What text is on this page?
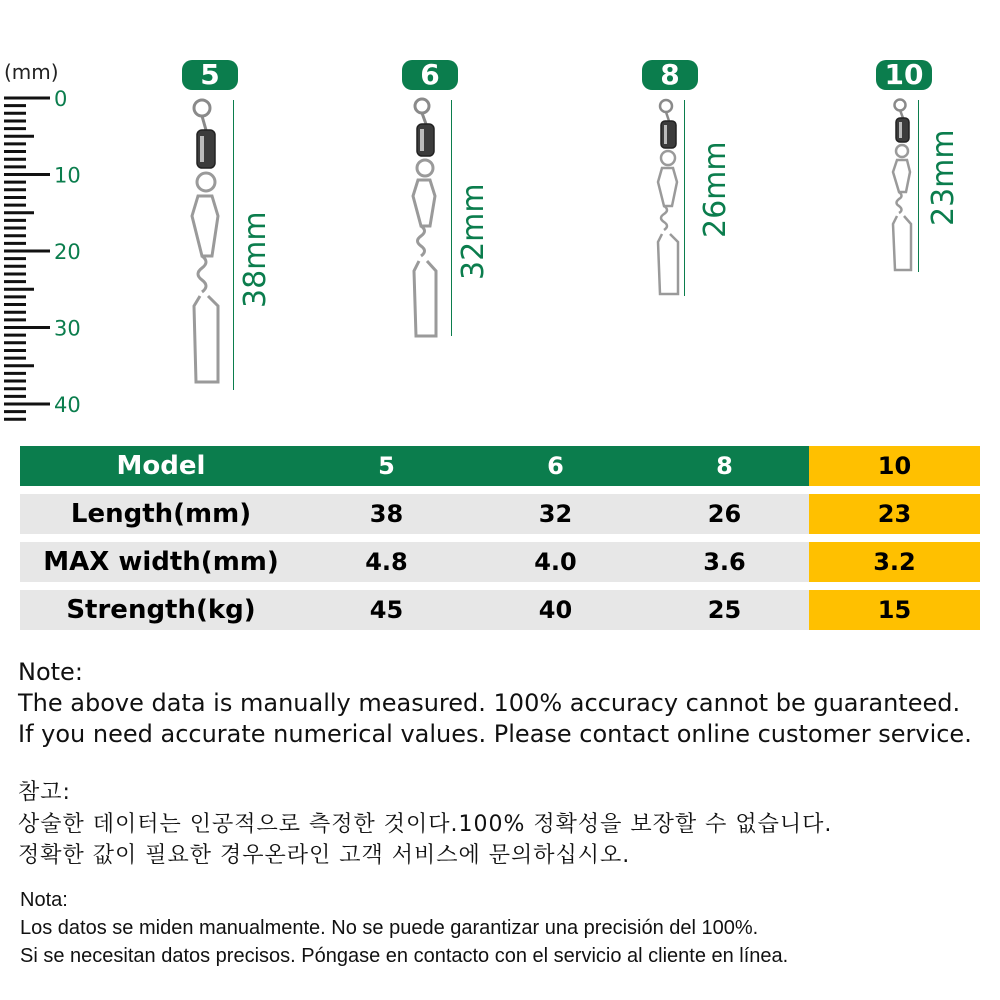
(mm)
0
10
20
30
40
5
38mm
6
32mm
8
26mm
10
23mm
Model	5	6	8	10
Length(mm)	38	32	26	23
MAX width(mm)	4.8	4.0	3.6	3.2
Strength(kg)	45	40	25	15
Note:
The above data is manually measured. 100% accuracy cannot be guaranteed.
If you need accurate numerical values. Please contact online customer service.
참고:
상술한 데이터는 인공적으로 측정한 것이다.100% 정확성을 보장할 수 없습니다.
정확한 값이 필요한 경우온라인 고객 서비스에 문의하십시오.
Nota:
Los datos se miden manualmente. No se puede garantizar una precisión del 100%.
Si se necesitan datos precisos. Póngase en contacto con el servicio al cliente en línea.
